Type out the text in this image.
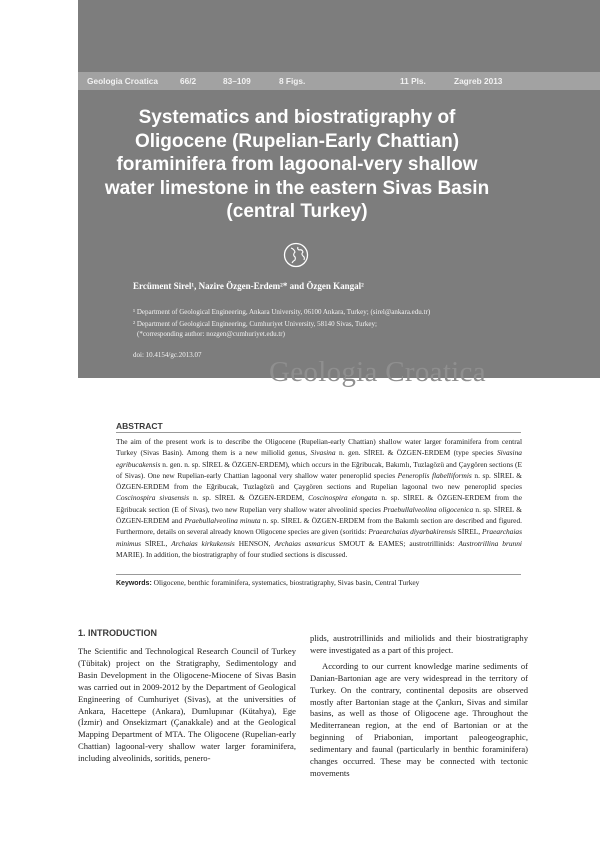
Geologia Croatica	66/2	83–109	8 Figs.	11 Pls.	Zagreb 2013
Systematics and biostratigraphy of Oligocene (Rupelian-Early Chattian) foraminifera from lagoonal-very shallow water limestone in the eastern Sivas Basin (central Turkey)
Ercüment Sirel¹, Nazire Özgen-Erdem²* and Özgen Kangal²
¹ Department of Geological Engineering, Ankara University, 06100 Ankara, Turkey; (sirel@ankara.edu.tr)
² Department of Geological Engineering, Cumhuriyet University, 58140 Sivas, Turkey;
(*corresponding author: nozgen@cumhuriyet.edu.tr)
doi: 10.4154/gc.2013.07
Geologia Croatica
ABSTRACT

The aim of the present work is to describe the Oligocene (Rupelian-early Chattian) shallow water larger foraminifera from central Turkey (Sivas Basin). Among them is a new miliolid genus, Sivasina n. gen. SİREL & ÖZGEN-ERDEM (type species Sivasina egribucakensis n. gen. n. sp. SİREL & ÖZGEN-ERDEM), which occurs in the Eğribucak, Bakımlı, Tuzlagözü and Çaygören sections (E of Sivas). One new Rupelian-early Chattian lagoonal very shallow water peneroplid species Peneroplis flabelliformis n. sp. SİREL & ÖZGEN-ERDEM from the Eğribucak, Tuzlagözü and Çaygören sections and Rupelian lagoonal two new peneroplid species Coscinospira sivasensis n. sp. SİREL & ÖZGEN-ERDEM, Coscinospira elongata n. sp. SİREL & ÖZGEN-ERDEM from the Eğribucak section (E of Sivas), two new Rupelian very shallow water alveolinid species Praebullalveolina oligocenica n. sp. SİREL & ÖZGEN-ERDEM and Praebullalveolina minuta n. sp. SİREL & ÖZGEN-ERDEM from the Bakımlı section are described and figured. Furthermore, details on several already known Oligocene species are given (soritids: Praearchaias diyarbakirensis SİREL, Praearchaias minimus SİREL, Archaias kirkukensis HENSON, Archaias asmaricus SMOUT & EAMES; austrotrillinids: Austrotrillina brunni MARIE). In addition, the biostratigraphy of four studied sections is discussed.

Keywords: Oligocene, benthic foraminifera, systematics, biostratigraphy, Sivas basin, Central Turkey
1. INTRODUCTION

The Scientific and Technological Research Council of Turkey (Tübitak) project on the Stratigraphy, Sedimentology and Basin Development in the Oligocene-Miocene of Sivas Basin was carried out in 2009-2012 by the Department of Geological Engineering of Cumhuriyet (Sivas), at the universities of Ankara, Hacettepe (Ankara), Dumlupınar (Kütahya), Ege (İzmir) and Onsekizmart (Çanakkale) and at the Geological Mapping Department of MTA. The Oligocene (Rupelian-early Chattian) lagoonal-very shallow water larger foraminifera, including alveolinids, soritids, penero-

plids, austrotrillinids and miliolids and their biostratigraphy were investigated as a part of this project.

According to our current knowledge marine sediments of Danian-Bartonian age are very widespread in the territory of Turkey. On the contrary, continental deposits are observed mostly after Bartonian stage at the Çankırı, Sivas and similar basins, as well as those of Oligocene age. Throughout the Mediterranean region, at the end of Bartonian or at the beginning of Priabonian, important paleogeographic, sedimentary and faunal (particularly in benthic foraminifera) changes occurred. These may be connected with tectonic movements
